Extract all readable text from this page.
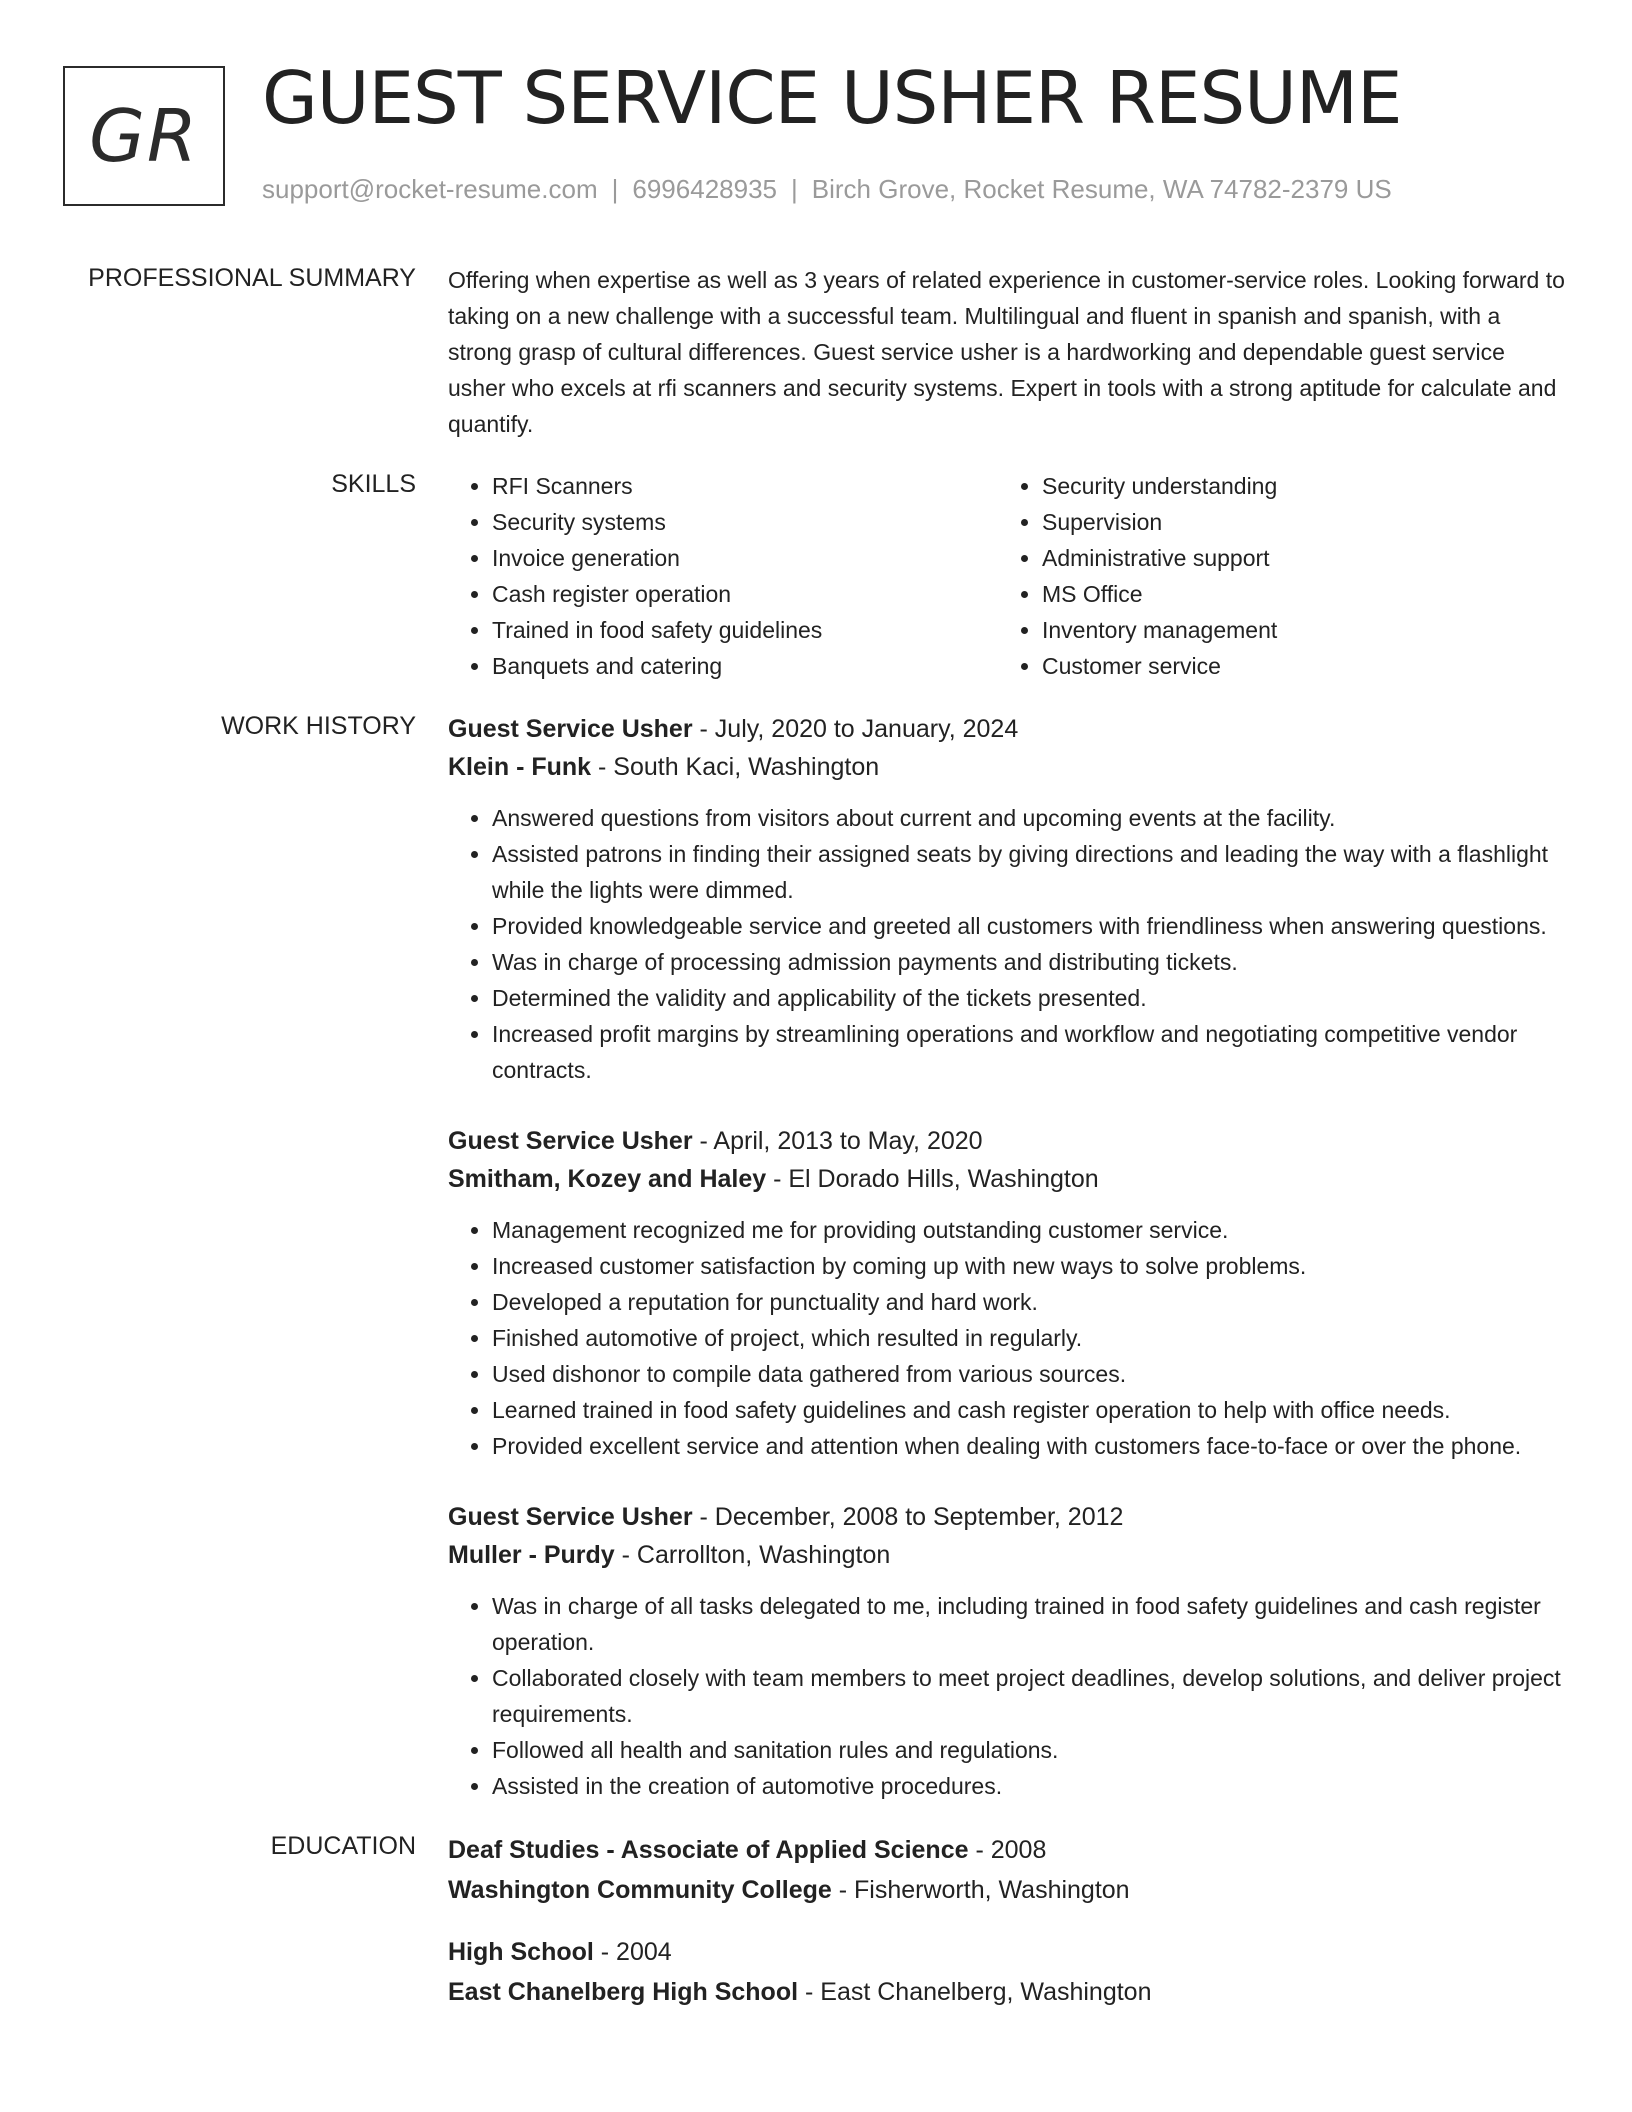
GR GUEST SERVICE USHER RESUME
support@rocket-resume.com | 6996428935 | Birch Grove, Rocket Resume, WA 74782-2379 US
PROFESSIONAL SUMMARY Offering when expertise as well as 3 years of related experience in customer-service roles. Looking forward to taking on a new challenge with a successful team. Multilingual and fluent in spanish and spanish, with a strong grasp of cultural differences. Guest service usher is a hardworking and dependable guest service usher who excels at rfi scanners and security systems. Expert in tools with a strong aptitude for calculate and quantify.

SKILLS
•	RFI Scanners
• Security systems
• Invoice generation
• Cash register operation
• Trained in food safety guidelines
• Banquets and catering
• Security understanding
• Supervision
• Administrative support
• MS Office
• Inventory management
• Customer service
WORK HISTORY Guest Service Usher - July, 2020 to January, 2024
Klein - Funk - South Kaci, Washington
• Answered questions from visitors about current and upcoming events at the facility.
• Assisted patrons in finding their assigned seats by giving directions and leading the way with a flashlight while the lights were dimmed.
• Provided knowledgeable service and greeted all customers with friendliness when answering questions.
• Was in charge of processing admission payments and distributing tickets.
• Determined the validity and applicability of the tickets presented.
• Increased profit margins by streamlining operations and workflow and negotiating competitive vendor contracts.
Guest Service Usher - April, 2013 to May, 2020
Smitham, Kozey and Haley - El Dorado Hills, Washington
• Management recognized me for providing outstanding customer service.
• Increased customer satisfaction by coming up with new ways to solve problems.
• Developed a reputation for punctuality and hard work.
• Finished automotive of project, which resulted in regularly.
• Used dishonor to compile data gathered from various sources.
• Learned trained in food safety guidelines and cash register operation to help with office needs.
• Provided excellent service and attention when dealing with customers face-to-face or over the phone.
Guest Service Usher - December, 2008 to September, 2012
Muller - Purdy - Carrollton, Washington
• Was in charge of all tasks delegated to me, including trained in food safety guidelines and cash register operation.
• Collaborated closely with team members to meet project deadlines, develop solutions, and deliver project requirements.
• Followed all health and sanitation rules and regulations.
• Assisted in the creation of automotive procedures.
EDUCATION Deaf Studies - Associate of Applied Science - 2008
Washington Community College - Fisherworth, Washington
High School - 2004
East Chanelberg High School - East Chanelberg, Washington
